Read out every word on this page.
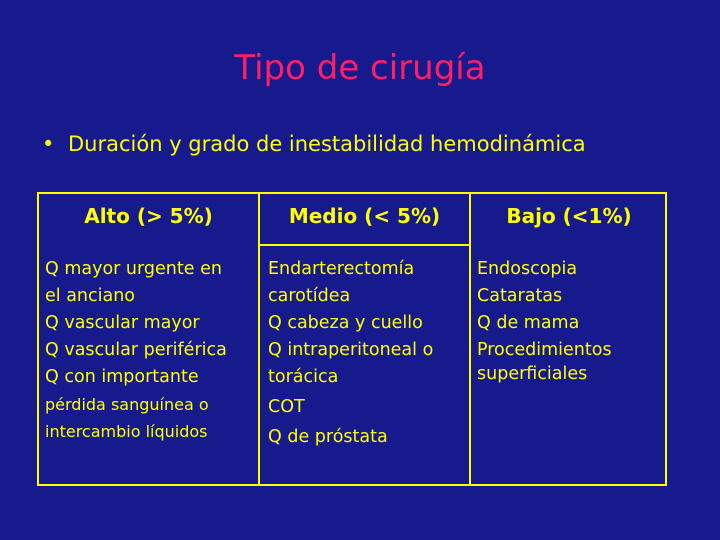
Tipo de cirugía
• Duración y grado de inestabilidad hemodinámica
Alto (> 5%)	Medio (< 5%)	Bajo (<1%)
Q mayor urgente en
el anciano
Q vascular mayor
Q vascular periférica
Q con importante
pérdida sanguínea o
intercambio líquidos
Endarterectomía
carotídea
Q cabeza y cuello
Q intraperitoneal o
torácica
COT
Q de próstata
Endoscopia
Cataratas
Q de mama
Procedimientos
superficiales
